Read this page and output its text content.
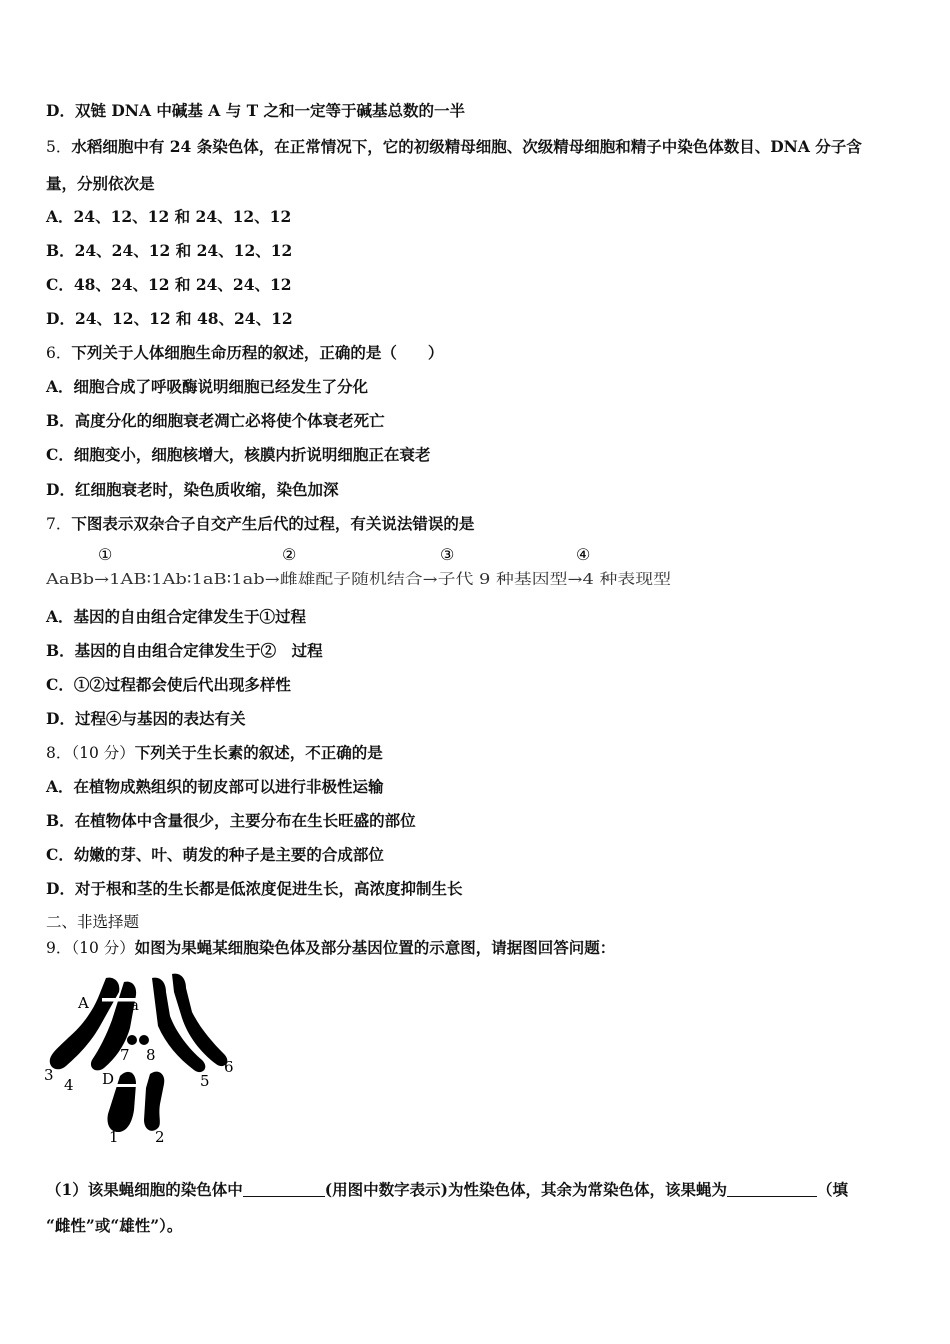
D．双链 DNA 中碱基 A 与 T 之和一定等于碱基总数的一半
5．水稻细胞中有 24 条染色体，在正常情况下，它的初级精母细胞、次级精母细胞和精子中染色体数目、DNA 分子含
量，分别依次是
A．24、12、12 和 24、12、12
B．24、24、12 和 24、12、12
C．48、24、12 和 24、24、12
D．24、12、12 和 48、24、12
6．下列关于人体细胞生命历程的叙述，正确的是（　　）
A．细胞合成了呼吸酶说明细胞已经发生了分化
B．高度分化的细胞衰老凋亡必将使个体衰老死亡
C．细胞变小，细胞核增大，核膜内折说明细胞正在衰老
D．红细胞衰老时，染色质收缩，染色加深
7．下图表示双杂合子自交产生后代的过程，有关说法错误的是
①	②	③	④
AaBb→1AB∶1Ab∶1aB∶1ab→雌雄配子随机结合→子代 9 种基因型→4 种表现型
A．基因的自由组合定律发生于①过程
B．基因的自由组合定律发生于②　过程
C．①②过程都会使后代出现多样性
D．过程④与基因的表达有关
8．（10 分）下列关于生长素的叙述，不正确的是
A．在植物成熟组织的韧皮部可以进行非极性运输
B．在植物体中含量很少，主要分布在生长旺盛的部位
C．幼嫩的芽、叶、萌发的种子是主要的合成部位
D．对于根和茎的生长都是低浓度促进生长，高浓度抑制生长
二、非选择题
9．（10 分）如图为果蝇某细胞染色体及部分基因位置的示意图，请据图回答问题：
A	a
D
1 2
3
4	5
6
7 8
（1）该果蝇细胞的染色体中	(用图中数字表示)为性染色体，其余为常染色体，该果蝇为	（填
“雌性”或“雄性”）。
